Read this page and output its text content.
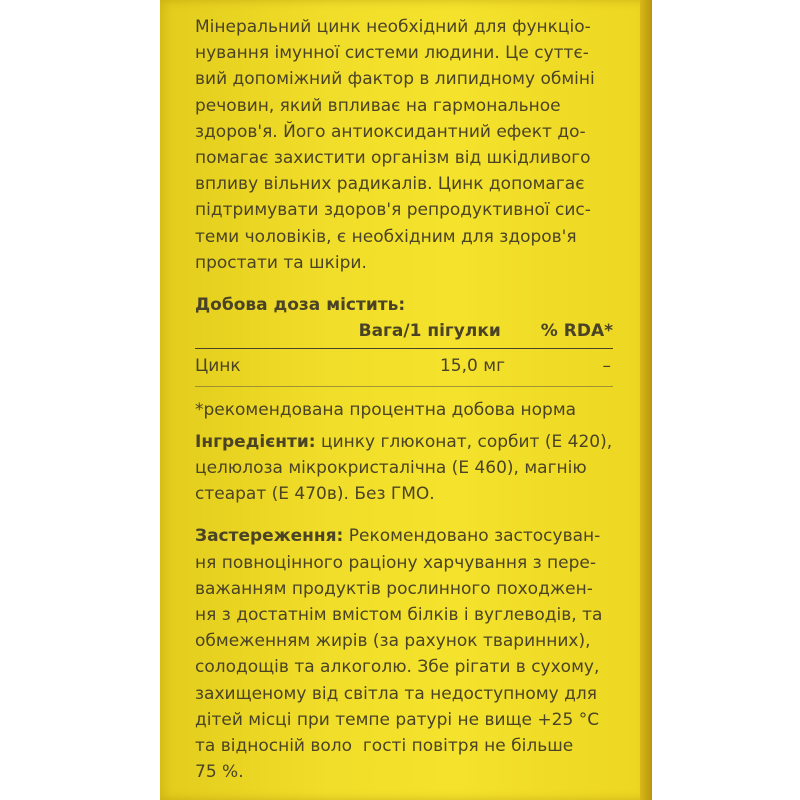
Мінеральний цинк необхідний для функціо-
нування імунної системи людини. Це суттє-
вий допоміжний фактор в липидному обміні
речовин, який впливає на гармональное
здоров'я. Його антиоксидантний ефект до-
помагає захистити організм від шкідливого
впливу вільних радикалів. Цинк допомагає
підтримувати здоров'я репродуктивної сис-
теми чоловіків, є необхідним для здоров'я
простати та шкіри.
Добова доза містить:
Вага/1 пігулки % RDA*
Цинк	15,0 мг	–
*рекомендована процентна добова норма
Інгредієнти: цинку глюконат, сорбит (Е 420),
целюлоза мікрокристалічна (Е 460), магнію
стеарат (Е 470в). Без ГМО.
Застереження: Рекомендовано застосуван-
ня повноцінного раціону харчування з пере-
важанням продуктів рослинного походжен-
ня з достатнім вмістом білків і вуглеводів, та
обмеженням жирів (за рахунок тваринних),
солодощів та алкоголю. Збе рігати в сухому,
захищеному від світла та недоступному для
дітей місці при темпе ратурі не вище +25 °С
та відносній воло  гості повітря не більше
75 %.
